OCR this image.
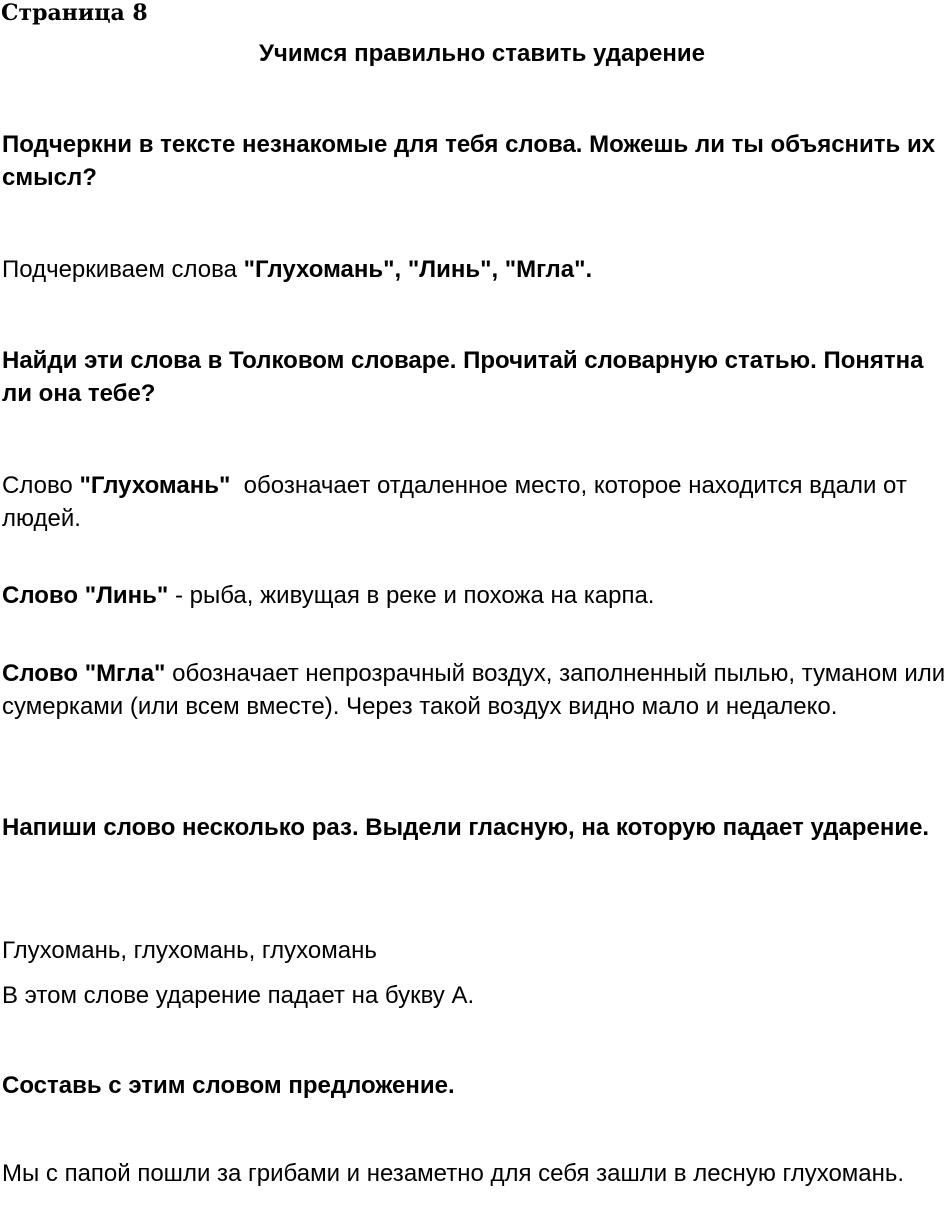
Страница 8
Учимся правильно ставить ударение
Подчеркни в тексте незнакомые для тебя слова. Можешь ли ты объяснить их смысл?
Подчеркиваем слова "Глухомань", "Линь", "Мгла".
Найди эти слова в Толковом словаре. Прочитай словарную статью. Понятна ли она тебе?
Слово "Глухомань"  обозначает отдаленное место, которое находится вдали от людей.
Слово "Линь" - рыба, живущая в реке и похожа на карпа.
Слово "Мгла" обозначает непрозрачный воздух, заполненный пылью, туманом или сумерками (или всем вместе). Через такой воздух видно мало и недалеко.
Напиши слово несколько раз. Выдели гласную, на которую падает ударение.
Глухомань, глухомань, глухомань
В этом слове ударение падает на букву А.
Составь с этим словом предложение.
Мы с папой пошли за грибами и незаметно для себя зашли в лесную глухомань.
